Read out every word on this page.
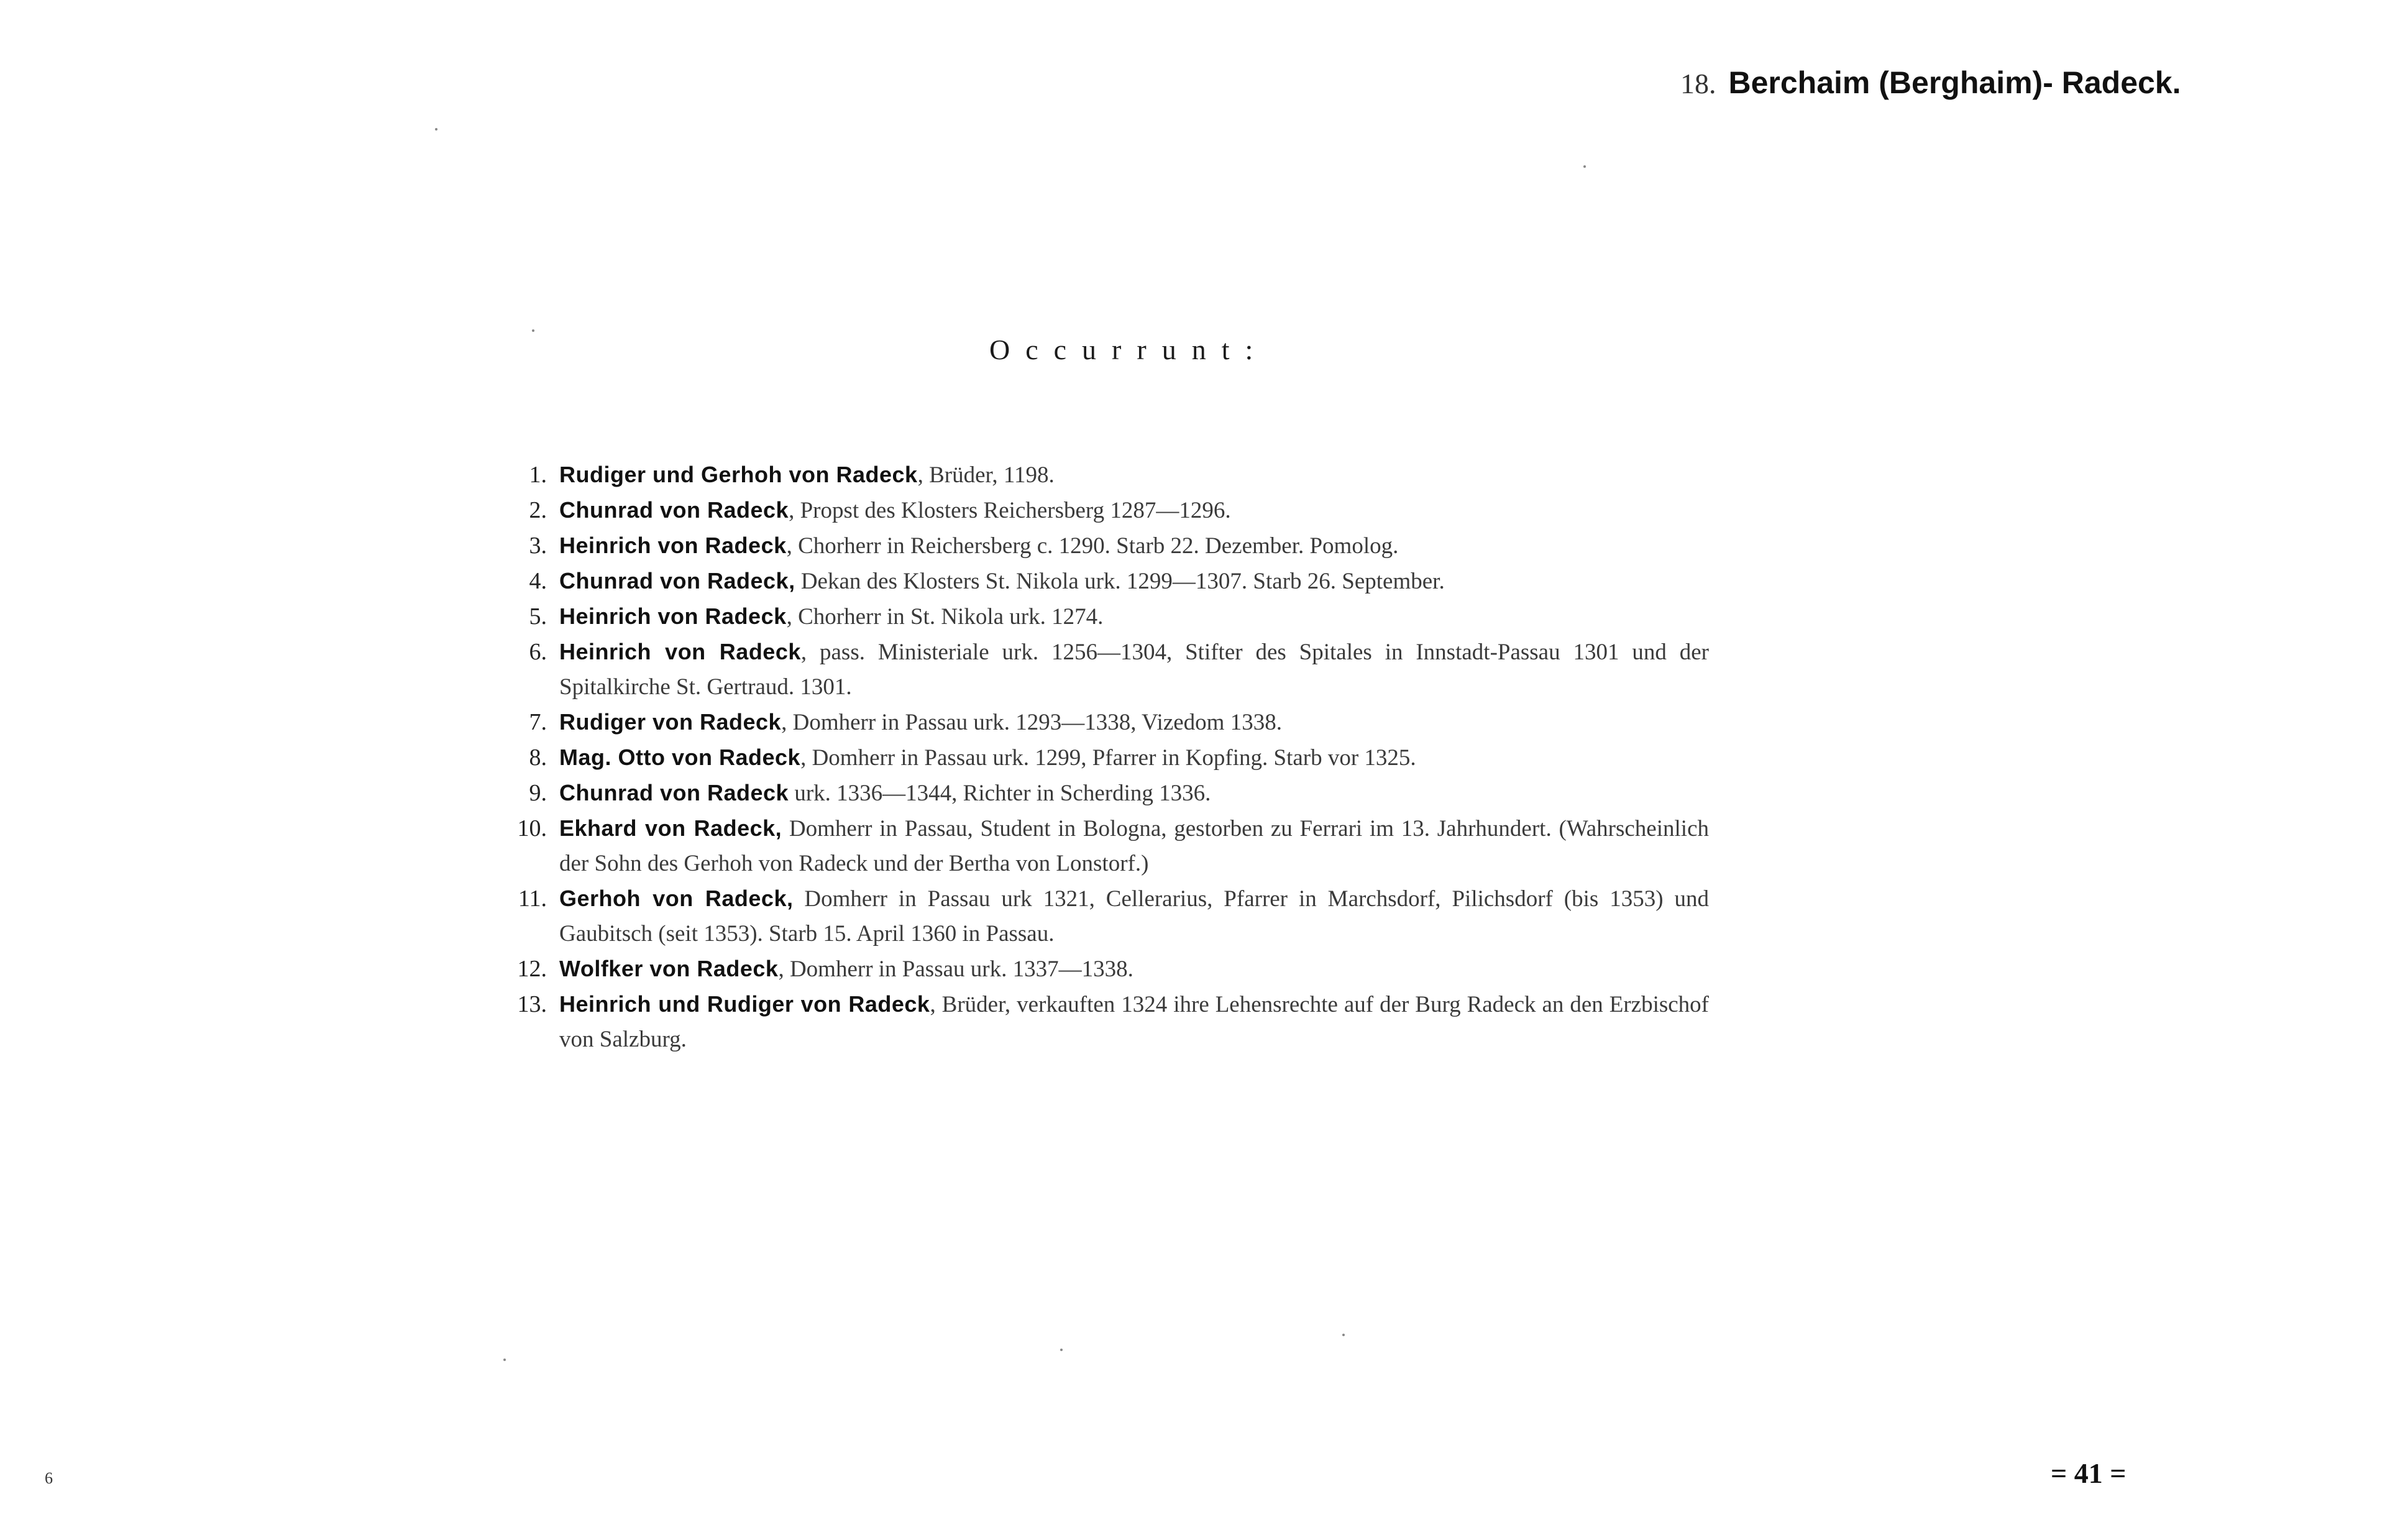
18. Berchaim (Berghaim)- Radeck.
Occurrunt:
1. Rudiger und Gerhoh von Radeck, Brüder, 1198.
2. Chunrad von Radeck, Propst des Klosters Reichersberg 1287—1296.
3. Heinrich von Radeck, Chorherr in Reichersberg c. 1290. Starb 22. Dezember. Pomolog.
4. Chunrad von Radeck, Dekan des Klosters St. Nikola urk. 1299—1307. Starb 26. September.
5. Heinrich von Radeck, Chorherr in St. Nikola urk. 1274.
6. Heinrich von Radeck, pass. Ministeriale urk. 1256—1304, Stifter des Spitales in Innstadt-Passau 1301 und der Spitalkirche St. Gertraud. 1301.
7. Rudiger von Radeck, Domherr in Passau urk. 1293—1338, Vizedom 1338.
8. Mag. Otto von Radeck, Domherr in Passau urk. 1299, Pfarrer in Kopfing. Starb vor 1325.
9. Chunrad von Radeck urk. 1336—1344, Richter in Scherding 1336.
10. Ekhard von Radeck, Domherr in Passau, Student in Bologna, gestorben zu Ferrari im 13. Jahrhundert. (Wahrscheinlich der Sohn des Gerhoh von Radeck und der Bertha von Lonstorf.)
11. Gerhoh von Radeck, Domherr in Passau urk 1321, Cellerarius, Pfarrer in Marchsdorf, Pilichsdorf (bis 1353) und Gaubitsch (seit 1353). Starb 15. April 1360 in Passau.
12. Wolfker von Radeck, Domherr in Passau urk. 1337—1338.
13. Heinrich und Rudiger von Radeck, Brüder, verkauften 1324 ihre Lehensrechte auf der Burg Radeck an den Erzbischof von Salzburg.
6	= 41 =
